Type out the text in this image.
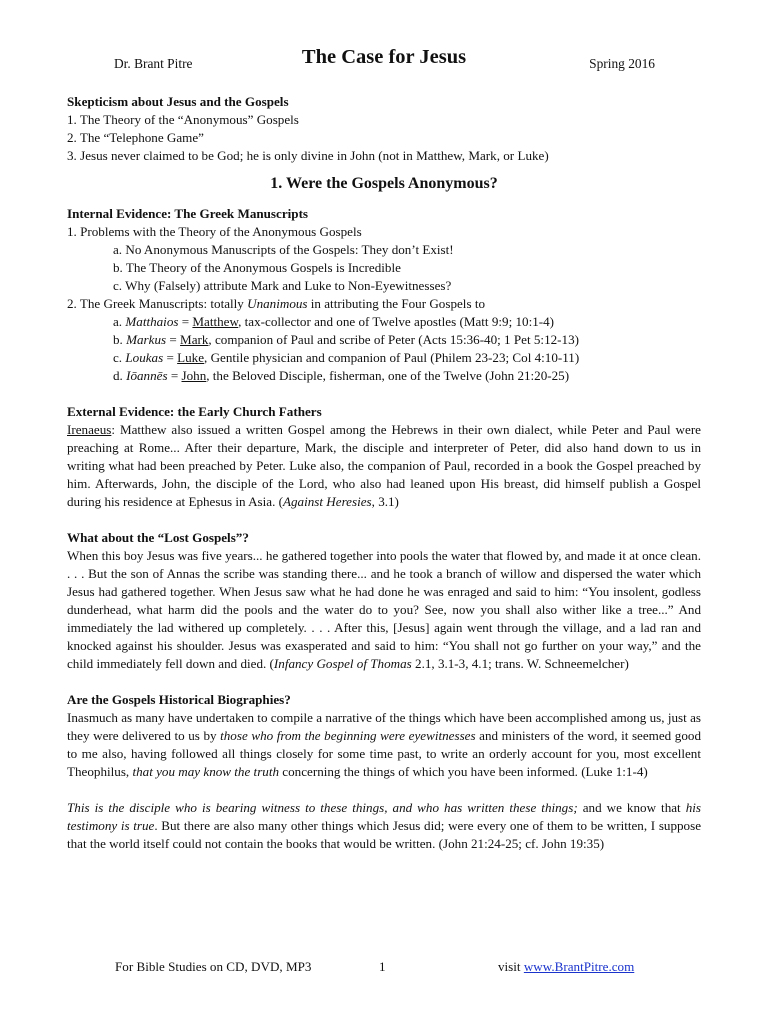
Dr. Brant Pitre	The Case for Jesus	Spring 2016
Skepticism about Jesus and the Gospels
1. The Theory of the “Anonymous” Gospels
2. The “Telephone Game”
3. Jesus never claimed to be God; he is only divine in John (not in Matthew, Mark, or Luke)
1. Were the Gospels Anonymous?
Internal Evidence: The Greek Manuscripts
1. Problems with the Theory of the Anonymous Gospels
a. No Anonymous Manuscripts of the Gospels: They don’t Exist!
b. The Theory of the Anonymous Gospels is Incredible
c. Why (Falsely) attribute Mark and Luke to Non-Eyewitnesses?
2. The Greek Manuscripts: totally Unanimous in attributing the Four Gospels to
a. Matthaios = Matthew, tax-collector and one of Twelve apostles (Matt 9:9; 10:1-4)
b. Markus = Mark, companion of Paul and scribe of Peter (Acts 15:36-40; 1 Pet 5:12-13)
c. Loukas = Luke, Gentile physician and companion of Paul (Philem 23-23; Col 4:10-11)
d. Iōannēs = John, the Beloved Disciple, fisherman, one of the Twelve (John 21:20-25)
External Evidence: the Early Church Fathers
Irenaeus: Matthew also issued a written Gospel among the Hebrews in their own dialect, while Peter and Paul were preaching at Rome... After their departure, Mark, the disciple and interpreter of Peter, did also hand down to us in writing what had been preached by Peter. Luke also, the companion of Paul, recorded in a book the Gospel preached by him. Afterwards, John, the disciple of the Lord, who also had leaned upon His breast, did himself publish a Gospel during his residence at Ephesus in Asia. (Against Heresies, 3.1)
What about the “Lost Gospels”?
When this boy Jesus was five years... he gathered together into pools the water that flowed by, and made it at once clean. . . . But the son of Annas the scribe was standing there... and he took a branch of willow and dispersed the water which Jesus had gathered together. When Jesus saw what he had done he was enraged and said to him: “You insolent, godless dunderhead, what harm did the pools and the water do to you? See, now you shall also wither like a tree...” And immediately the lad withered up completely. . . . After this, [Jesus] again went through the village, and a lad ran and knocked against his shoulder. Jesus was exasperated and said to him: “You shall not go further on your way,” and the child immediately fell down and died. (Infancy Gospel of Thomas 2.1, 3.1-3, 4.1; trans. W. Schneemelcher)
Are the Gospels Historical Biographies?
Inasmuch as many have undertaken to compile a narrative of the things which have been accomplished among us, just as they were delivered to us by those who from the beginning were eyewitnesses and ministers of the word, it seemed good to me also, having followed all things closely for some time past, to write an orderly account for you, most excellent Theophilus, that you may know the truth concerning the things of which you have been informed. (Luke 1:1-4)
This is the disciple who is bearing witness to these things, and who has written these things; and we know that his testimony is true. But there are also many other things which Jesus did; were every one of them to be written, I suppose that the world itself could not contain the books that would be written. (John 21:24-25; cf. John 19:35)
For Bible Studies on CD, DVD, MP3	1	visit www.BrantPitre.com
